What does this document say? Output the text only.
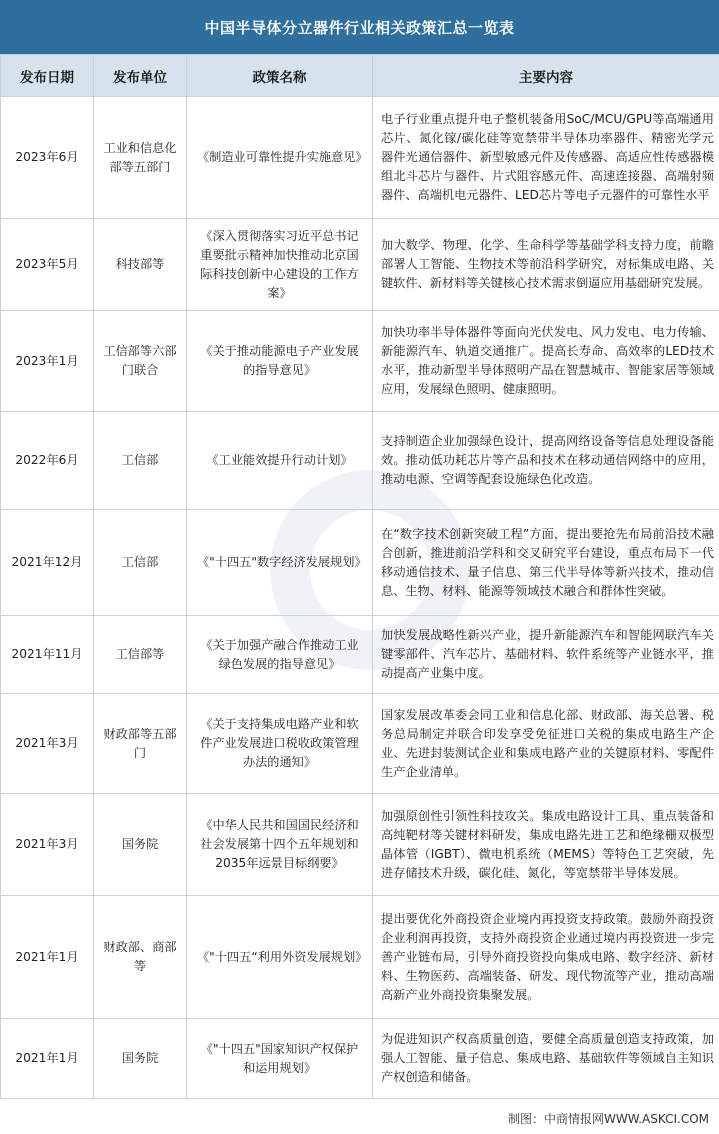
中国半导体分立器件行业相关政策汇总一览表
发布日期	发布单位	政策名称	主要内容
2023年6月	工业和信息化部等五部门	《制造业可靠性提升实施意见》	电子行业重点提升电子整机装备用SoC/MCU/GPU等高端通用芯片、氮化镓/碳化硅等宽禁带半导体功率器件、精密光学元器件光通信器件、新型敏感元件及传感器、高适应性传感器模组北斗芯片与器件、片式阻容感元件、高速连接器、高端射频器件、高端机电元器件、LED芯片等电子元器件的可靠性水平
2023年5月	科技部等	《深入贯彻落实习近平总书记重要批示精神加快推动北京国际科技创新中心建设的工作方案》	加大数学、物理、化学、生命科学等基础学科支持力度，前瞻部署人工智能、生物技术等前沿科学研究，对标集成电路、关键软件、新材料等关键核心技术需求倒逼应用基础研究发展。
2023年1月	工信部等六部门联合	《关于推动能源电子产业发展的指导意见》	加快功率半导体器件等面向光伏发电、风力发电、电力传输、新能源汽车、轨道交通推广。提高长寿命、高效率的LED技术水平，推动新型半导体照明产品在智慧城市、智能家居等领域应用，发展绿色照明、健康照明。
2022年6月	工信部	《工业能效提升行动计划》	支持制造企业加强绿色设计，提高网络设备等信息处理设备能效。推动低功耗芯片等产品和技术在移动通信网络中的应用，推动电源、空调等配套设施绿色化改造。
2021年12月	工信部	《"十四五"数字经济发展规划》	在“数字技术创新突破工程”方面，提出要抢先布局前沿技术融合创新，推进前沿学科和交叉研究平台建设，重点布局下一代移动通信技术、量子信息、第三代半导体等新兴技术，推动信息、生物、材料、能源等领域技术融合和群体性突破。
2021年11月	工信部等	《关于加强产融合作推动工业绿色发展的指导意见》	加快发展战略性新兴产业，提升新能源汽车和智能网联汽车关键零部件、汽车芯片、基础材料、软件系统等产业链水平，推动提高产业集中度。
2021年3月	财政部等五部门	《关于支持集成电路产业和软件产业发展进口税收政策管理办法的通知》	国家发展改革委会同工业和信息化部、财政部、海关总署、税务总局制定并联合印发享受免征进口关税的集成电路生产企业、先进封装测试企业和集成电路产业的关键原材料、零配件生产企业清单。
2021年3月	国务院	《中华人民共和国国民经济和社会发展第十四个五年规划和2035年远景目标纲要》	加强原创性引领性科技攻关。集成电路设计工具、重点装备和高纯靶材等关键材料研发，集成电路先进工艺和绝缘栅双极型晶体管（IGBT）、微电机系统（MEMS）等特色工艺突破，先进存储技术升级，碳化硅、氮化，等宽禁带半导体发展。
2021年1月	财政部、商部等	《"十四五“利用外资发展规划》	提出要优化外商投资企业境内再投资支持政策。鼓励外商投资企业利润再投资，支持外商投资企业通过境内再投资进一步完善产业链布局，引导外商投资投向集成电路、数字经济、新材料、生物医药、高端装备、研发、现代物流等产业，推动高端高新产业外商投资集聚发展。
2021年1月	国务院	《"十四五"国家知识产权保护和运用规划》	为促进知识产权高质量创造，要健全高质量创造支持政策，加强人工智能、量子信息、集成电路、基础软件等领域自主知识产权创造和储备。
制图：中商情报网WWW.ASKCI.COM
